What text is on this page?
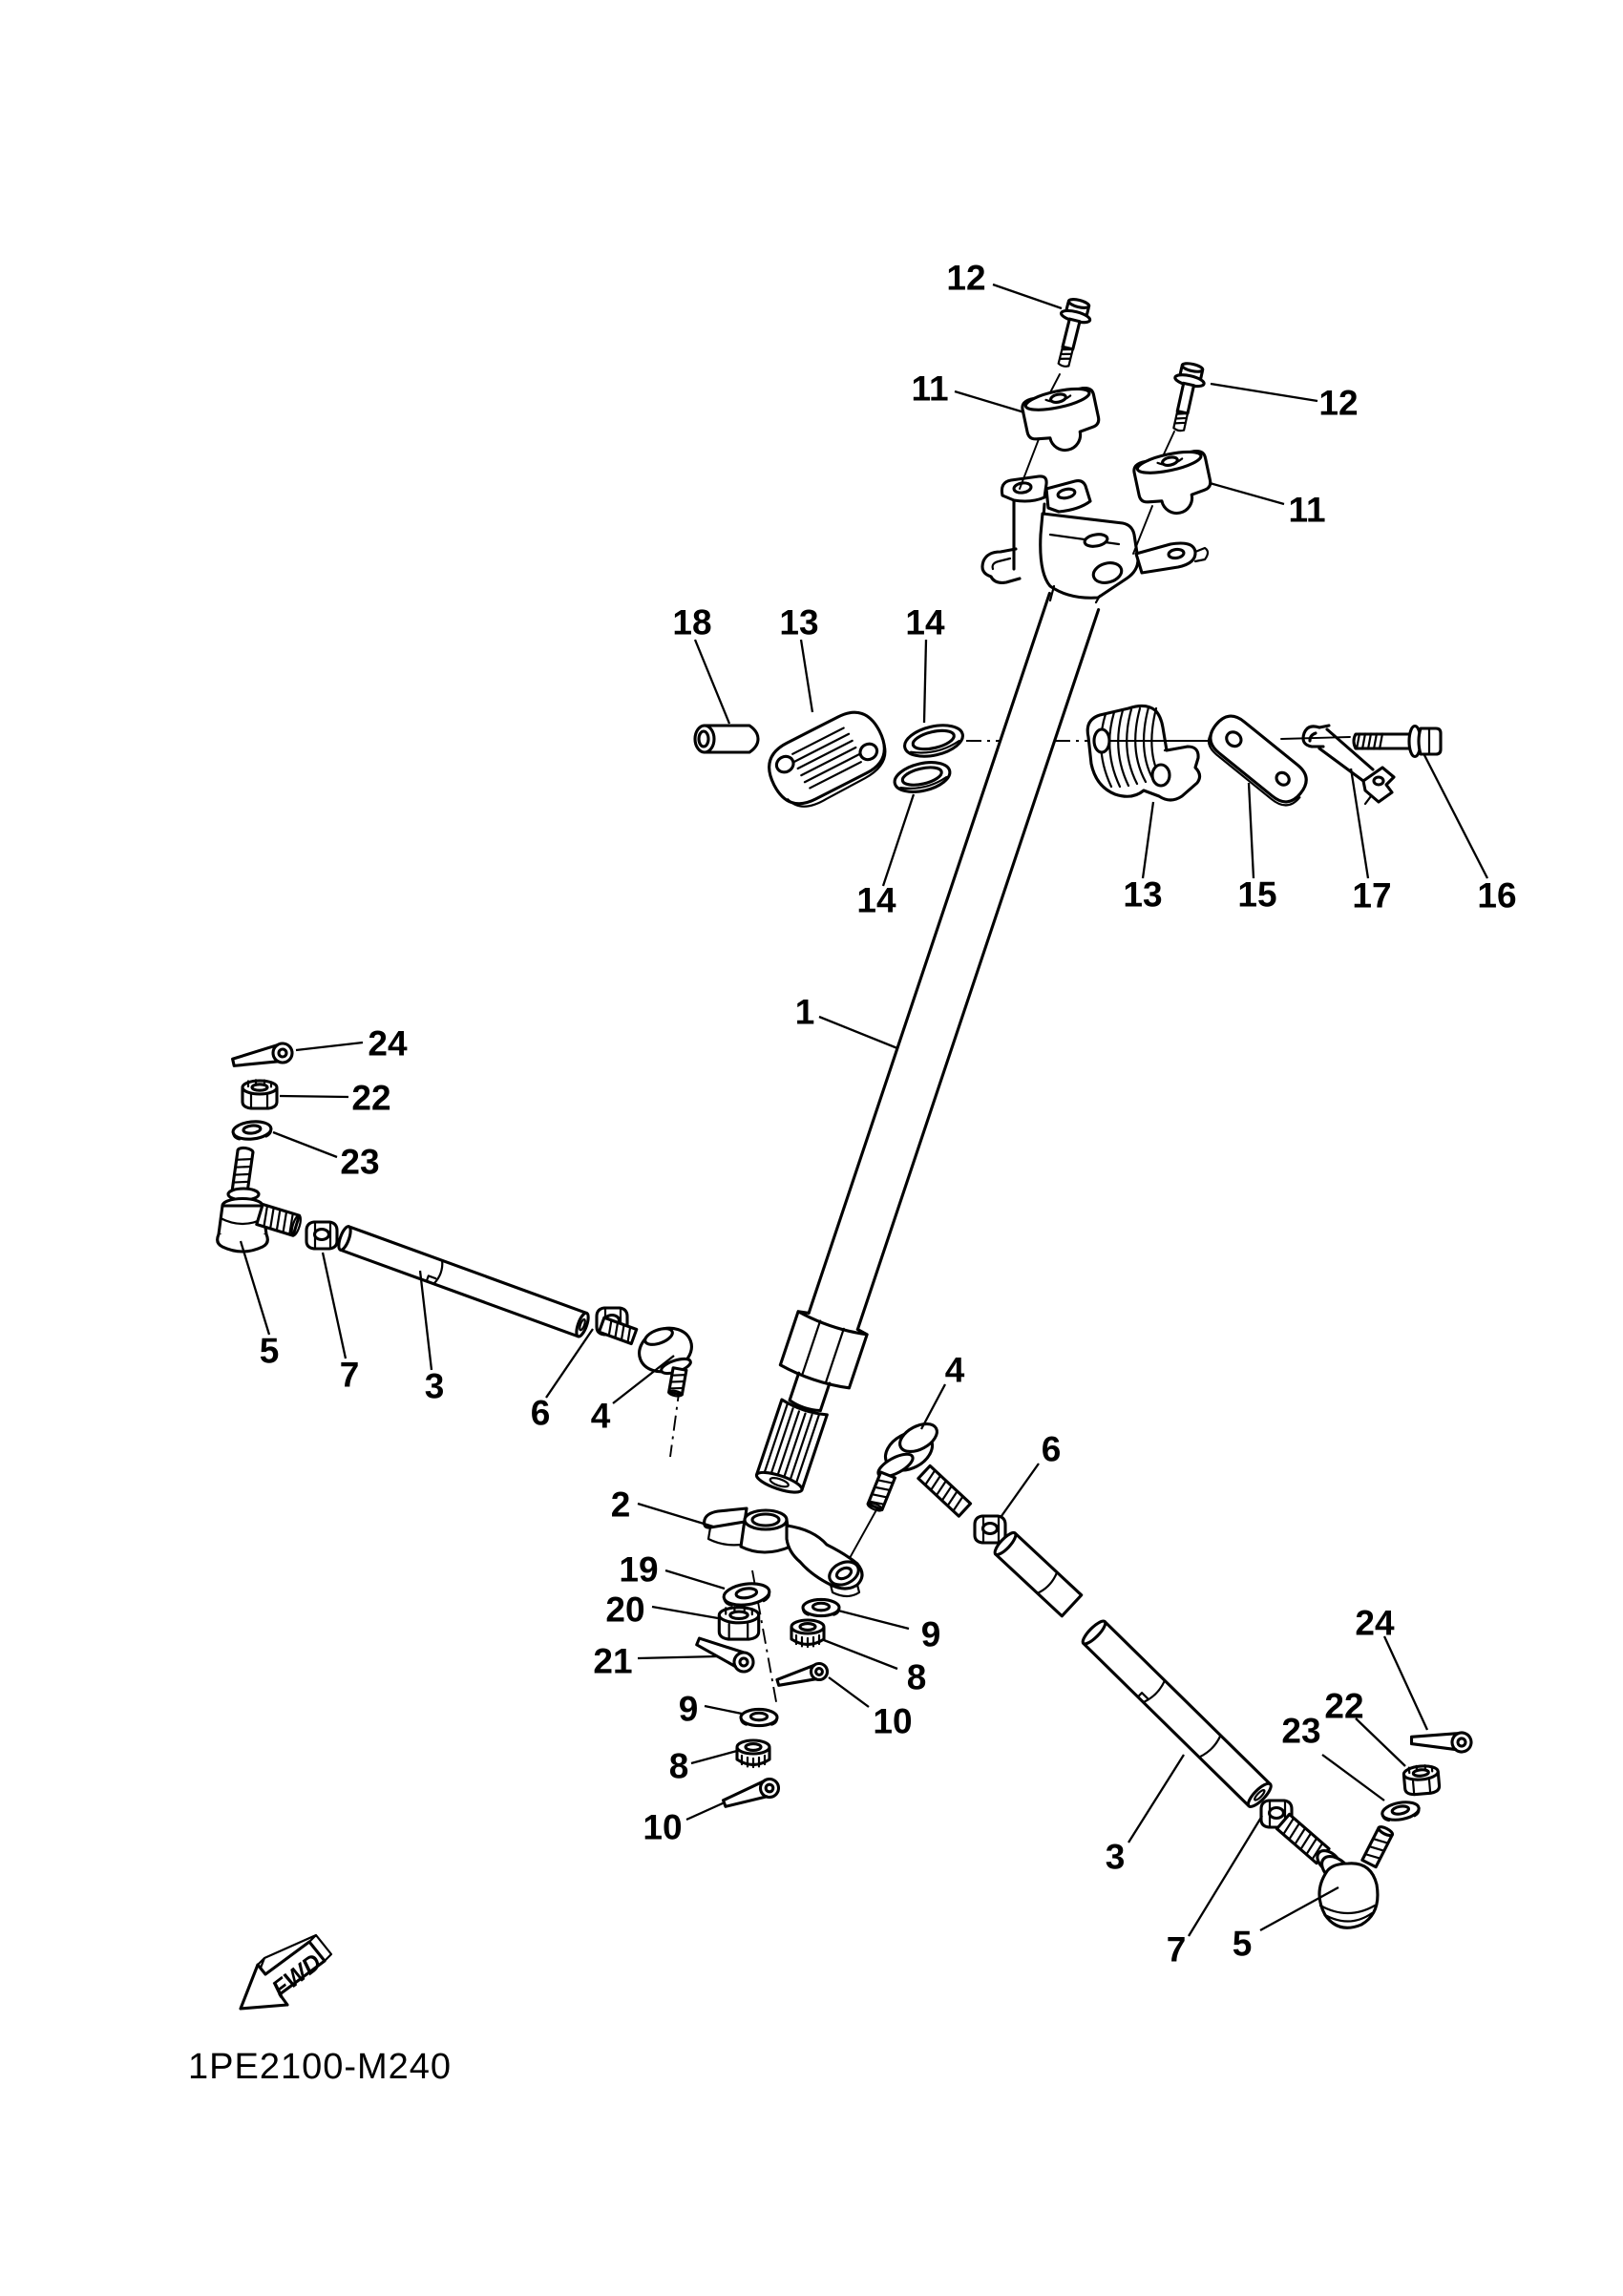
FWD
1PE2100-M240
12
11	12
11
18 13 14
14	13 15 17 16
1
24
22
23
5
7 3
6 4
2
19
20
21
9
8
10
9
8
10
4
6
3
7 5
23
22
24
